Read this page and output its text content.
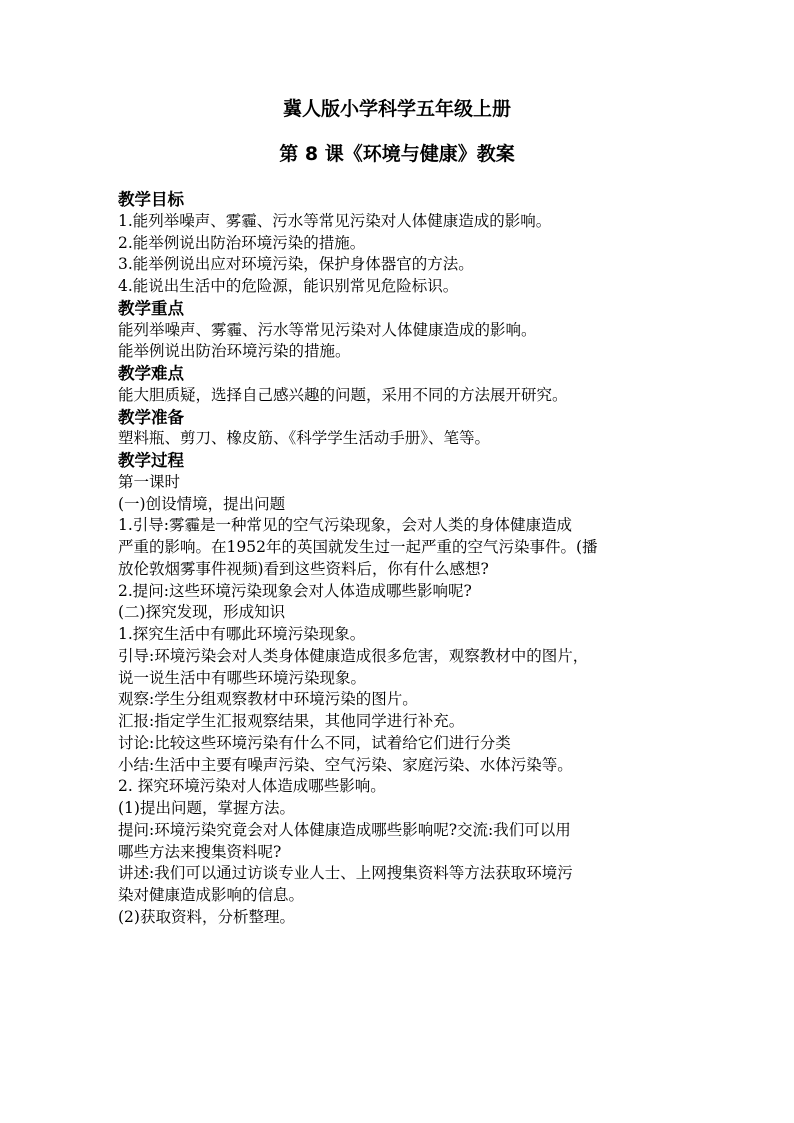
冀人版小学科学五年级上册
第 8 课《环境与健康》教案
教学目标
1.能列举噪声、雾霾、污水等常见污染对人体健康造成的影响。
2.能举例说出防治环境污染的措施。
3.能举例说出应对环境污染，保护身体器官的方法。
4.能说出生活中的危险源，能识别常见危险标识。
教学重点
能列举噪声、雾霾、污水等常见污染对人体健康造成的影响。
能举例说出防治环境污染的措施。
教学难点
能大胆质疑，选择自己感兴趣的问题，采用不同的方法展开研究。
教学准备
塑料瓶、剪刀、橡皮筋、《科学学生活动手册》、笔等。
教学过程
第一课时
(一)创设情境，提出问题
1.引导:雾霾是一种常见的空气污染现象，会对人类的身体健康造成
严重的影响。在1952年的英国就发生过一起严重的空气污染事件。(播
放伦敦烟雾事件视频)看到这些资料后，你有什么感想?
2.提问:这些环境污染现象会对人体造成哪些影响呢?
(二)探究发现，形成知识
1.探究生活中有哪此环境污染现象。
引导:环境污染会对人类身体健康造成很多危害，观察教材中的图片，
说一说生活中有哪些环境污染现象。
观察:学生分组观察教材中环境污染的图片。
汇报:指定学生汇报观察结果，其他同学进行补充。
讨论:比较这些环境污染有什么不同，试着给它们进行分类
小结:生活中主要有噪声污染、空气污染、家庭污染、水体污染等。
2. 探究环境污染对人体造成哪些影响。
(1)提出问题，掌握方法。
提问:环境污染究竟会对人体健康造成哪些影响呢?交流:我们可以用
哪些方法来搜集资料呢?
讲述:我们可以通过访谈专业人士、上网搜集资料等方法获取环境污
染对健康造成影响的信息。
(2)获取资料，分析整理。
